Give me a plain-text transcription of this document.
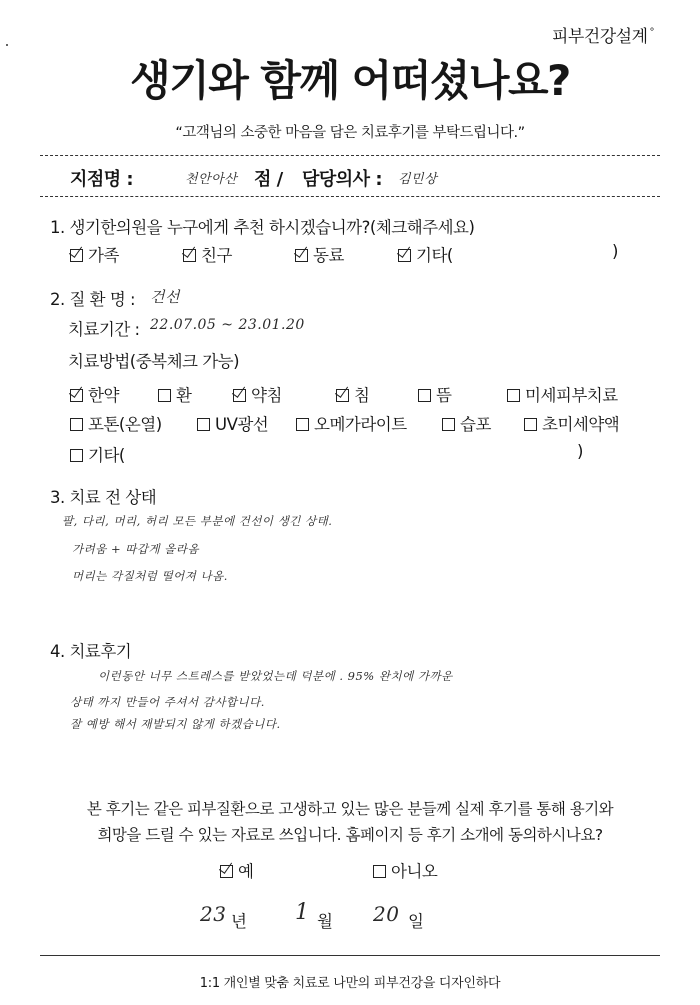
피부건강설계 °
생기와 함께 어떠셨나요?
“고객님의 소중한 마음을 담은 치료후기를 부탁드립니다.”
지점명 :	천안아산 점 / 담당의사 : 김민상
1. 생기한의원을 누구에게 추천 하시겠습니까?(체크해주세요)
가족	친구	동료	기타(	)
2. 질 환 명 : 건선
치료기간 : 22.07.05 ~ 23.01.20
치료방법(중복체크 가능)
한약	환	약침	침	뜸	미세피부치료
포톤(온열)	UV광선	오메가라이트	습포	초미세약액
기타(	)
3. 치료 전 상태
팔, 다리, 머리, 허리 모든 부분에 건선이 생긴 상태.
가려움 + 따갑게 올라옴
머리는 각질처럼 떨어져 나옴.
4. 치료후기
이런동안 너무 스트레스를 받았었는데 덕분에 . 95% 완치에 가까운
상태 까지 만들어 주셔서 감사합니다.
잘 예방 해서 재발되지 않게 하겠습니다.
본 후기는 같은 피부질환으로 고생하고 있는 많은 분들께 실제 후기를 통해 용기와
희망을 드릴 수 있는 자료로 쓰입니다. 홈페이지 등 후기 소개에 동의하시나요?
예	아니오
23 년 1 월 20 일
1:1 개인별 맞춤 치료로 나만의 피부건강을 디자인하다
